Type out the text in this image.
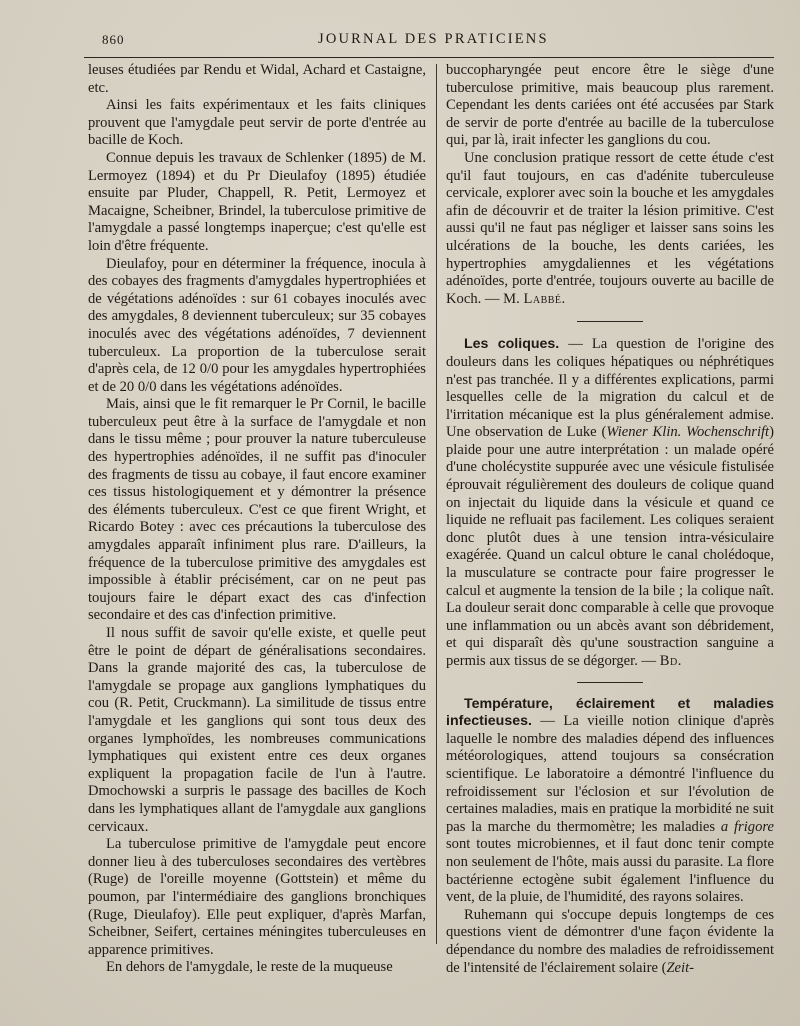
860	JOURNAL DES PRATICIENS

leuses étudiées par Rendu et Widal, Achard et Castaigne, etc.

Ainsi les faits expérimentaux et les faits cliniques prouvent que l'amygdale peut servir de porte d'entrée au bacille de Koch.

Connue depuis les travaux de Schlenker (1895) de M. Lermoyez (1894) et du Pr Dieulafoy (1895) étudiée ensuite par Pluder, Chappell, R. Petit, Lermoyez et Macaigne, Scheibner, Brindel, la tuberculose primitive de l'amygdale a passé longtemps inaperçue; c'est qu'elle est loin d'être fréquente.

Dieulafoy, pour en déterminer la fréquence, inocula à des cobayes des fragments d'amygdales hypertrophiées et de végétations adénoïdes : sur 61 cobayes inoculés avec des amygdales, 8 deviennent tuberculeux; sur 35 cobayes inoculés avec des végétations adénoïdes, 7 deviennent tuberculeux. La proportion de la tuberculose serait d'après cela, de 12 0/0 pour les amygdales hypertrophiées et de 20 0/0 dans les végétations adénoïdes.

Mais, ainsi que le fit remarquer le Pr Cornil, le bacille tuberculeux peut être à la surface de l'amygdale et non dans le tissu même ; pour prouver la nature tuberculeuse des hypertrophies adénoïdes, il ne suffit pas d'inoculer des fragments de tissu au cobaye, il faut encore examiner ces tissus histologiquement et y démontrer la présence des éléments tuberculeux. C'est ce que firent Wright, et Ricardo Botey : avec ces précautions la tuberculose des amygdales apparaît infiniment plus rare. D'ailleurs, la fréquence de la tuberculose primitive des amygdales est impossible à établir précisément, car on ne peut pas toujours faire le départ exact des cas d'infection secondaire et des cas d'infection primitive.

Il nous suffit de savoir qu'elle existe, et quelle peut être le point de départ de généralisations secondaires. Dans la grande majorité des cas, la tuberculose de l'amygdale se propage aux ganglions lymphatiques du cou (R. Petit, Cruckmann). La similitude de tissus entre l'amygdale et les ganglions qui sont tous deux des organes lymphoïdes, les nombreuses communications lymphatiques qui existent entre ces deux organes expliquent la propagation facile de l'un à l'autre. Dmochowski a surpris le passage des bacilles de Koch dans les lymphatiques allant de l'amygdale aux ganglions cervicaux.

La tuberculose primitive de l'amygdale peut encore donner lieu à des tuberculoses secondaires des vertèbres (Ruge) de l'oreille moyenne (Gottstein) et même du poumon, par l'intermédiaire des ganglions bronchiques (Ruge, Dieulafoy). Elle peut expliquer, d'après Marfan, Scheibner, Seifert, certaines méningites tuberculeuses en apparence primitives.

En dehors de l'amygdale, le reste de la muqueuse

buccopharyngée peut encore être le siège d'une tuberculose primitive, mais beaucoup plus rarement. Cependant les dents cariées ont été accusées par Stark de servir de porte d'entrée au bacille de la tuberculose qui, par là, irait infecter les ganglions du cou.

Une conclusion pratique ressort de cette étude c'est qu'il faut toujours, en cas d'adénite tuberculeuse cervicale, explorer avec soin la bouche et les amygdales afin de découvrir et de traiter la lésion primitive. C'est aussi qu'il ne faut pas négliger et laisser sans soins les ulcérations de la bouche, les dents cariées, les hypertrophies amygdaliennes et les végétations adénoïdes, porte d'entrée, toujours ouverte au bacille de Koch. — M. Labbé.

Les coliques. — La question de l'origine des douleurs dans les coliques hépatiques ou néphrétiques n'est pas tranchée. Il y a différentes explications, parmi lesquelles celle de la migration du calcul et de l'irritation mécanique est la plus généralement admise. Une observation de Luke (Wiener Klin. Wochenschrift) plaide pour une autre interprétation : un malade opéré d'une cholécystite suppurée avec une vésicule fistulisée éprouvait régulièrement des douleurs de colique quand on injectait du liquide dans la vésicule et quand ce liquide ne refluait pas facilement. Les coliques seraient donc plutôt dues à une tension intra-vésiculaire exagérée. Quand un calcul obture le canal cholédoque, la musculature se contracte pour faire progresser le calcul et augmente la tension de la bile ; la colique naît. La douleur serait donc comparable à celle que provoque une inflammation ou un abcès avant son débridement, et qui disparaît dès qu'une soustraction sanguine a permis aux tissus de se dégorger. — Bd.

Température, éclairement et maladies infectieuses. — La vieille notion clinique d'après laquelle le nombre des maladies dépend des influences météorologiques, attend toujours sa consécration scientifique. Le laboratoire a démontré l'influence du refroidissement sur l'éclosion et sur l'évolution de certaines maladies, mais en pratique la morbidité ne suit pas la marche du thermomètre; les maladies a frigore sont toutes microbiennes, et il faut donc tenir compte non seulement de l'hôte, mais aussi du parasite. La flore bactérienne ectogène subit également l'influence du vent, de la pluie, de l'humidité, des rayons solaires.

Ruhemann qui s'occupe depuis longtemps de ces questions vient de démontrer d'une façon évidente la dépendance du nombre des maladies de refroidissement de l'intensité de l'éclairement solaire (Zeit-
